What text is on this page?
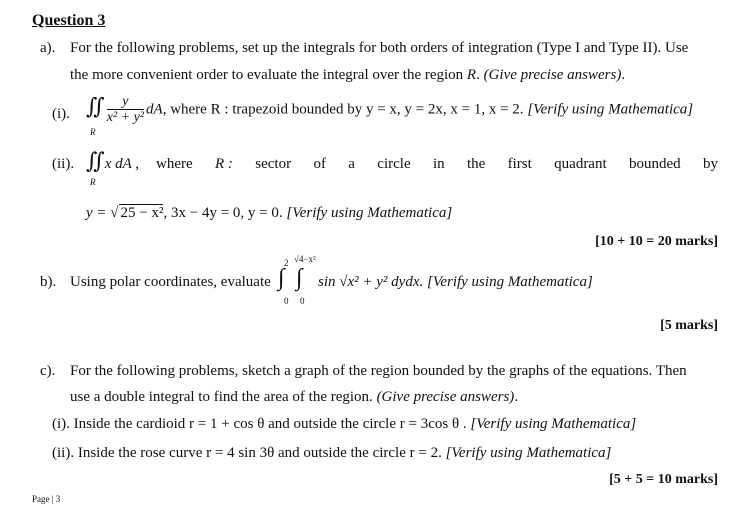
Question 3
a). For the following problems, set up the integrals for both orders of integration (Type I and Type II). Use
the more convenient order to evaluate the integral over the region R. (Give precise answers).
(i). ∬ $\frac{y}{\text{x² + y²}}$ dA, where R : trapezoid bounded by y = x, y = 2x, x = 1, x = 2. [Verify using Mathematica]
R
(ii). ∬x dA ,
R
where R : sector of a circle in the first quadrant bounded by
y = √ 25 − x², 3x − 4y = 0, y = 0. [Verify using Mathematica]
[10 + 10 = 20 marks]
b). Using polar coordinates, evaluate
2 √4−x²
∫ ∫
0 0
sin √x² + y² dydx. [Verify using Mathematica]
[5 marks]
c). For the following problems, sketch a graph of the region bounded by the graphs of the equations. Then
use a double integral to find the area of the region. (Give precise answers).
(i). Inside the cardioid r = 1 + cos θ and outside the circle r = 3cos θ . [Verify using Mathematica]
(ii). Inside the rose curve r = 4 sin 3θ and outside the circle r = 2. [Verify using Mathematica]
[5 + 5 = 10 marks]
Page | 3
